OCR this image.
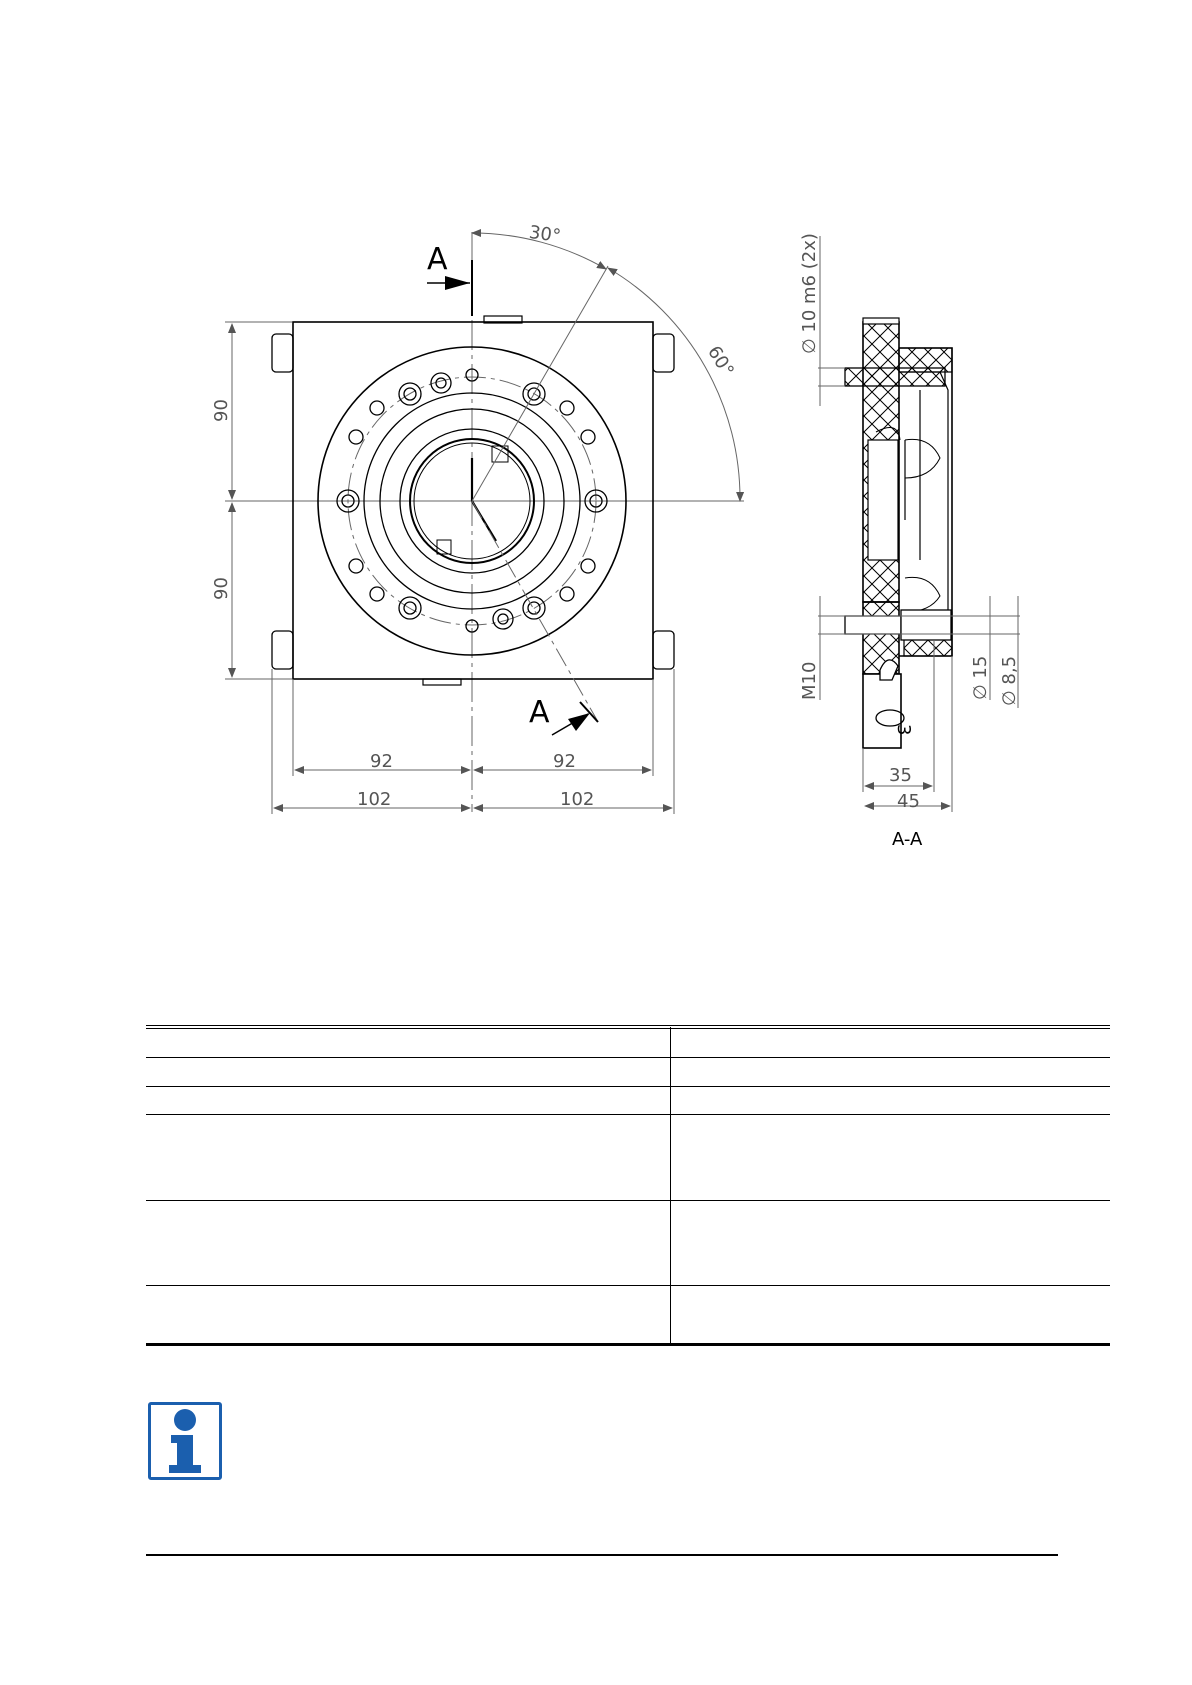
A
A
30°
60°
90
90
92	92
102	102
3
∅ 10 m6 (2x)
M10	∅ 15 ∅ 8,5
35
45
A-A
